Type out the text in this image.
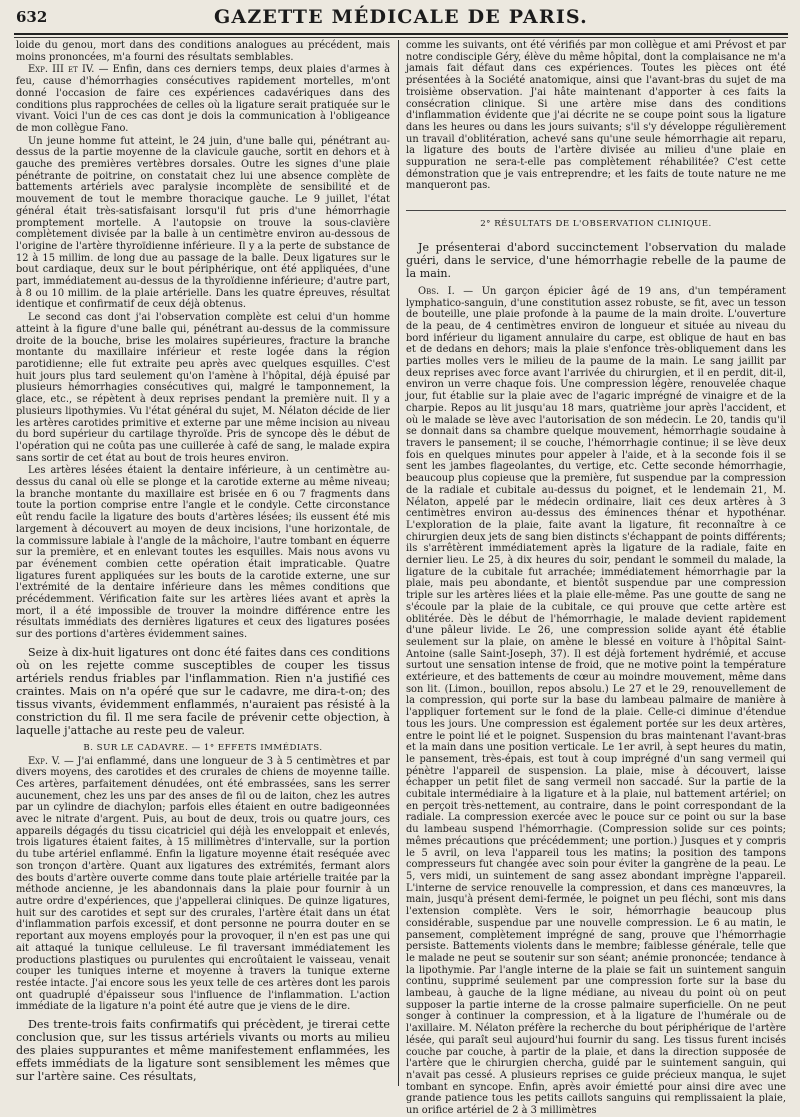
632	GAZETTE MÉDICALE DE PARIS.

loide du genou, mort dans des conditions analogues au précédent, mais moins prononcées, m'a fourni des résultats semblables.

Exp. III et IV. — Enfin, dans ces derniers temps, deux plaies d'armes à feu, cause d'hémorrhagies consécutives rapidement mortelles, m'ont donné l'occasion de faire ces expériences cadavériques dans des conditions plus rapprochées de celles où la ligature serait pratiquée sur le vivant. Voici l'un de ces cas dont je dois la communication à l'obligeance de mon collègue Fano.

Un jeune homme fut atteint, le 24 juin, d'une balle qui, pénétrant au-dessus de la partie moyenne de la clavicule gauche, sortit en dehors et à gauche des premières vertèbres dorsales. Outre les signes d'une plaie pénétrante de poitrine, on constatait chez lui une absence complète de battements artériels avec paralysie incomplète de sensibilité et de mouvement de tout le membre thoracique gauche. Le 9 juillet, l'état général était très-satisfaisant lorsqu'il fut pris d'une hémorrhagie promptement mortelle. A l'autopsie on trouve la sous-clavière complètement divisée par la balle à un centimètre environ au-dessous de l'origine de l'artère thyroïdienne inférieure. Il y a la perte de substance de 12 à 15 millim. de long due au passage de la balle. Deux ligatures sur le bout cardiaque, deux sur le bout périphérique, ont été appliquées, d'une part, immédiatement au-dessus de la thyroïdienne inférieure; d'autre part, à 8 ou 10 millim. de la plaie artérielle. Dans les quatre épreuves, résultat identique et confirmatif de ceux déjà obtenus.

Le second cas dont j'ai l'observation complète est celui d'un homme atteint à la figure d'une balle qui, pénétrant au-dessus de la commissure droite de la bouche, brise les molaires supérieures, fracture la branche montante du maxillaire inférieur et reste logée dans la région parotidienne; elle fut extraite peu après avec quelques esquilles. C'est huit jours plus tard seulement qu'on l'amène à l'hôpital, déjà épuisé par plusieurs hémorrhagies consécutives qui, malgré le tamponnement, la glace, etc., se répètent à deux reprises pendant la première nuit. Il y a plusieurs lipothymies. Vu l'état général du sujet, M. Nélaton décide de lier les artères carotides primitive et externe par une même incision au niveau du bord supérieur du cartilage thyroïde. Pris de syncope dès le début de l'opération qui ne coûta pas une cuillerée à café de sang, le malade expira sans sortir de cet état au bout de trois heures environ.

Les artères lésées étaient la dentaire inférieure, à un centimètre au-dessus du canal où elle se plonge et la carotide externe au même niveau; la branche montante du maxillaire est brisée en 6 ou 7 fragments dans toute la portion comprise entre l'angle et le condyle. Cette circonstance eût rendu facile la ligature des bouts d'artères lésées; ils eussent été mis largement à découvert au moyen de deux incisions, l'une horizontale, de la commissure labiale à l'angle de la mâchoire, l'autre tombant en équerre sur la première, et en enlevant toutes les esquilles. Mais nous avons vu par événement combien cette opération était impraticable. Quatre ligatures furent appliquées sur les bouts de la carotide externe, une sur l'extrémité de la dentaire inférieure dans les mêmes conditions que précédemment. Vérification faite sur les artères liées avant et après la mort, il a été impossible de trouver la moindre différence entre les résultats immédiats des dernières ligatures et ceux des ligatures posées sur des portions d'artères évidemment saines.

Seize à dix-huit ligatures ont donc été faites dans ces conditions où on les rejette comme susceptibles de couper les tissus artériels rendus friables par l'inflammation. Rien n'a justifié ces craintes. Mais on n'a opéré que sur le cadavre, me dira-t-on; des tissus vivants, évidemment enflammés, n'auraient pas résisté à la constriction du fil. Il me sera facile de prévenir cette objection, à laquelle j'attache au reste peu de valeur.

B. SUR LE CADAVRE. — 1° EFFETS IMMÉDIATS.

Exp. V. — J'ai enflammé, dans une longueur de 3 à 5 centimètres et par divers moyens, des carotides et des crurales de chiens de moyenne taille. Ces artères, parfaitement dénudées, ont été embrassées, sans les serrer aucunement, chez les uns par des anses de fil ou de laiton, chez les autres par un cylindre de diachylon; parfois elles étaient en outre badigeonnées avec le nitrate d'argent. Puis, au bout de deux, trois ou quatre jours, ces appareils dégagés du tissu cicatriciel qui déjà les enveloppait et enlevés, trois ligatures étaient faites, à 15 millimètres d'intervalle, sur la portion du tube artériel enflammé. Enfin la ligature moyenne était reséquée avec son tronçon d'artère. Quant aux ligatures des extrémités, fermant alors des bouts d'artère ouverte comme dans toute plaie artérielle traitée par la méthode ancienne, je les abandonnais dans la plaie pour fournir à un autre ordre d'expériences, que j'appellerai cliniques. De quinze ligatures, huit sur des carotides et sept sur des crurales, l'artère était dans un état d'inflammation parfois excessif, et dont personne ne pourra douter en se reportant aux moyens employés pour la provoquer, il n'en est pas une qui ait attaqué la tunique celluleuse. Le fil traversant immédiatement les productions plastiques ou purulentes qui encroûtaient le vaisseau, venait couper les tuniques interne et moyenne à travers la tunique externe restée intacte. J'ai encore sous les yeux telle de ces artères dont les parois ont quadruplé d'épaisseur sous l'influence de l'inflammation. L'action immédiate de la ligature n'a point été autre que je viens de le dire.

Des trente-trois faits confirmatifs qui précèdent, je tirerai cette conclusion que, sur les tissus artériels vivants ou morts au milieu des plaies suppurantes et même manifestement enflammées, les effets immédiats de la ligature sont sensiblement les mêmes que sur l'artère saine. Ces résultats,

comme les suivants, ont été vérifiés par mon collègue et ami Prévost et par notre condisciple Géry, élève du même hôpital, dont la complaisance ne m'a jamais fait défaut dans ces expériences. Toutes les pièces ont été présentées à la Société anatomique, ainsi que l'avant-bras du sujet de ma troisième observation. J'ai hâte maintenant d'apporter à ces faits la consécration clinique. Si une artère mise dans des conditions d'inflammation évidente que j'ai décrite ne se coupe point sous la ligature dans les heures ou dans les jours suivants; s'il s'y développe régulièrement un travail d'oblitération, achevé sans qu'une seule hémorrhagie ait reparu, la ligature des bouts de l'artère divisée au milieu d'une plaie en suppuration ne sera-t-elle pas complètement réhabilitée? C'est cette démonstration que je vais entreprendre; et les faits de toute nature ne me manqueront pas.

2° RÉSULTATS DE L'OBSERVATION CLINIQUE.

Je présenterai d'abord succinctement l'observation du malade guéri, dans le service, d'une hémorrhagie rebelle de la paume de la main.

Obs. I. — Un garçon épicier âgé de 19 ans, d'un tempérament lymphatico-sanguin, d'une constitution assez robuste, se fit, avec un tesson de bouteille, une plaie profonde à la paume de la main droite. L'ouverture de la peau, de 4 centimètres environ de longueur et située au niveau du bord inférieur du ligament annulaire du carpe, est oblique de haut en bas et de dedans en dehors; mais la plaie s'enfonce très-obliquement dans les parties molles vers le milieu de la paume de la main. Le sang jaillit par deux reprises avec force avant l'arrivée du chirurgien, et il en perdit, dit-il, environ un verre chaque fois. Une compression légère, renouvelée chaque jour, fut établie sur la plaie avec de l'agaric imprégné de vinaigre et de la charpie. Repos au lit jusqu'au 18 mars, quatrième jour après l'accident, et où le malade se lève avec l'autorisation de son médecin. Le 20, tandis qu'il se donnait dans sa chambre quelque mouvement, hémorrhagie soudaine à travers le pansement; il se couche, l'hémorrhagie continue; il se lève deux fois en quelques minutes pour appeler à l'aide, et à la seconde fois il se sent les jambes flageolantes, du vertige, etc. Cette seconde hémorrhagie, beaucoup plus copieuse que la première, fut suspendue par la compression de la radiale et cubitale au-dessus du poignet, et le lendemain 21, M. Nélaton, appelé par le médecin ordinaire, liait ces deux artères à 3 centimètres environ au-dessus des éminences thénar et hypothénar. L'exploration de la plaie, faite avant la ligature, fit reconnaître à ce chirurgien deux jets de sang bien distincts s'échappant de points différents; ils s'arrêtèrent immédiatement après la ligature de la radiale, faite en dernier lieu. Le 25, à dix heures du soir, pendant le sommeil du malade, la ligature de la cubitale fut arrachée; immédiatement hémorrhagie par la plaie, mais peu abondante, et bientôt suspendue par une compression triple sur les artères liées et la plaie elle-même. Pas une goutte de sang ne s'écoule par la plaie de la cubitale, ce qui prouve que cette artère est oblitérée. Dès le début de l'hémorrhagie, le malade devient rapidement d'une pâleur livide. Le 26, une compression solide ayant été établie seulement sur la plaie, on amène le blessé en voiture à l'hôpital Saint-Antoine (salle Saint-Joseph, 37). Il est déjà fortement hydrémié, et accuse surtout une sensation intense de froid, que ne motive point la température extérieure, et des battements de cœur au moindre mouvement, même dans son lit. (Limon., bouillon, repos absolu.) Le 27 et le 29, renouvellement de la compression, qui porte sur la base du lambeau palmaire de manière à l'appliquer fortement sur le fond de la plaie. Celle-ci diminue d'étendue tous les jours. Une compression est également portée sur les deux artères, entre le point lié et le poignet. Suspension du bras maintenant l'avant-bras et la main dans une position verticale. Le 1er avril, à sept heures du matin, le pansement, très-épais, est tout à coup imprégné d'un sang vermeil qui pénètre l'appareil de suspension. La plaie, mise à découvert, laisse échapper un petit filet de sang vermeil non saccadé. Sur la partie de la cubitale intermédiaire à la ligature et à la plaie, nul battement artériel; on en perçoit très-nettement, au contraire, dans le point correspondant de la radiale. La compression exercée avec le pouce sur ce point ou sur la base du lambeau suspend l'hémorrhagie. (Compression solide sur ces points; mêmes précautions que précédemment; une portion.) Jusques et y compris le 5 avril, on leva l'appareil tous les matins; la position des tampons compresseurs fut changée avec soin pour éviter la gangrène de la peau. Le 5, vers midi, un suintement de sang assez abondant imprègne l'appareil. L'interne de service renouvelle la compression, et dans ces manœuvres, la main, jusqu'à présent demi-fermée, le poignet un peu fléchi, sont mis dans l'extension complète. Vers le soir, hémorrhagie beaucoup plus considérable, suspendue par une nouvelle compression. Le 6 au matin, le pansement, complètement imprégné de sang, prouve que l'hémorrhagie persiste. Battements violents dans le membre; faiblesse générale, telle que le malade ne peut se soutenir sur son séant; anémie prononcée; tendance à la lipothymie. Par l'angle interne de la plaie se fait un suintement sanguin continu, supprimé seulement par une compression forte sur la base du lambeau, à gauche de la ligne médiane, au niveau du point où on peut supposer la partie interne de la crosse palmaire superficielle. On ne peut songer à continuer la compression, et à la ligature de l'humérale ou de l'axillaire. M. Nélaton préfère la recherche du bout périphérique de l'artère lésée, qui paraît seul aujourd'hui fournir du sang. Les tissus furent incisés couche par couche, à partir de la plaie, et dans la direction supposée de l'artère que le chirurgien chercha, guidé par le suintement sanguin, qui n'avait pas cessé. A plusieurs reprises ce guide précieux manqua, le sujet tombant en syncope. Enfin, après avoir émietté pour ainsi dire avec une grande patience tous les petits caillots sanguins qui remplissaient la plaie, un orifice artériel de 2 à 3 millimètres
